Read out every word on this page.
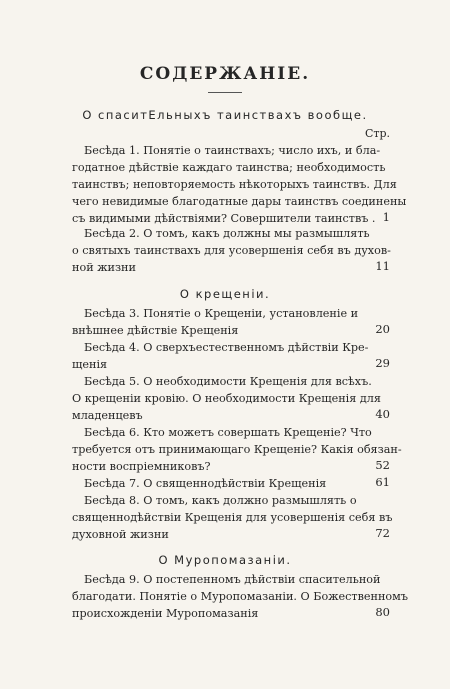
СОДЕРЖАНІЕ.
О спаситЕльныхъ таинствахъ вообще.
Стр.
Бесѣда 1. Понятіе о таинствахъ; число ихъ, и бла-
годатное дѣйствіе каждаго таинства; необходимость
таинствъ; неповторяемость нѣкоторыхъ таинствъ. Для
чего невидимые благодатные дары таинствъ соединены
съ видимыми дѣйствіями? Совершители таинствъ . 1
Бесѣда 2. О томъ, какъ должны мы размышлять
о святыхъ таинствахъ для усовершенія себя въ духов-
ной жизни	11
О крещеніи.
Бесѣда 3. Понятіе о Крещеніи, установленіе и
внѣшнее дѣйствіе Крещенія	20
Бесѣда 4. О сверхъестественномъ дѣйствіи Кре-
щенія	29
Бесѣда 5. О необходимости Крещенія для всѣхъ.
О крещеніи кровію. О необходимости Крещенія для
младенцевъ	40
Бесѣда 6. Кто можетъ совершать Крещеніе? Что
требуется отъ принимающаго Крещеніе? Какія обязан-
ности воспріемниковъ?	52
Бесѣда 7. О священнодѣйствіи Крещенія	61
Бесѣда 8. О томъ, какъ должно размышлять о
священнодѣйствіи Крещенія для усовершенія себя въ
духовной жизни	72
О Муропомазаніи.
Бесѣда 9. О постепенномъ дѣйствіи спасительной
благодати. Понятіе о Муропомазаніи. О Божественномъ
происхожденіи Муропомазанія	80
